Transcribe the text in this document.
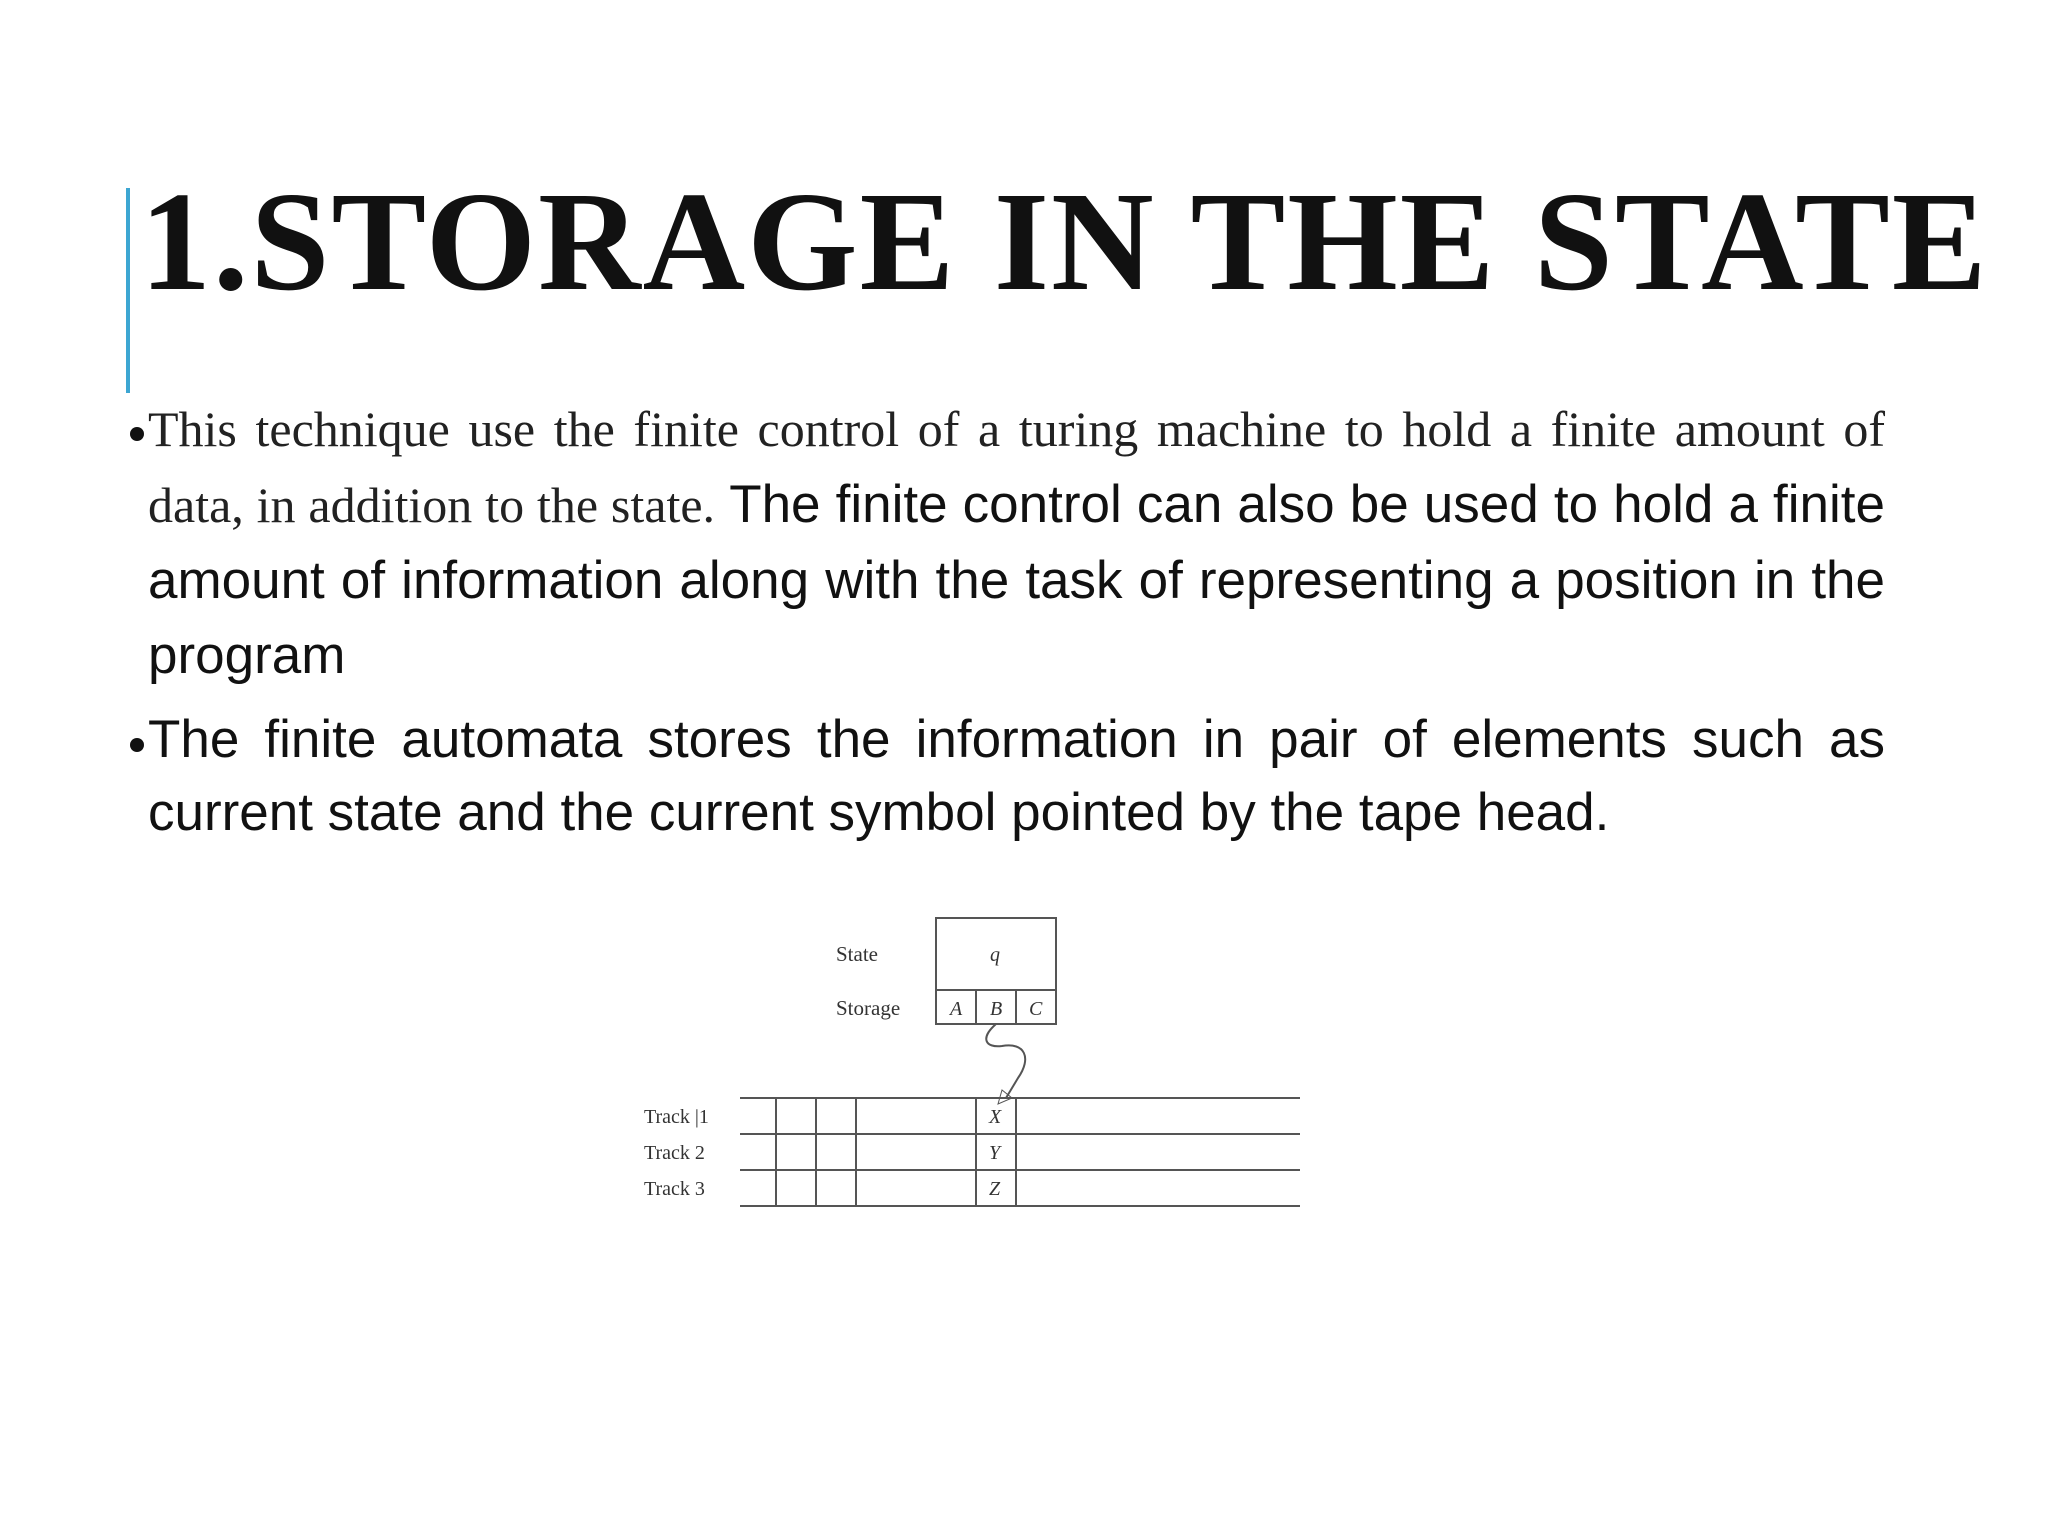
1.STORAGE IN THE STATE

This technique use the finite control of a turing machine to hold a finite amount of data, in addition to the state. The finite control can also be used to hold a finite amount of information along with the task of representing a position in the program

The finite automata stores the information in pair of elements such as current state and the current symbol pointed by the tape head.

State	q
Storage A B C
Track |1
Track 2
Track 3
X
Y
Z
